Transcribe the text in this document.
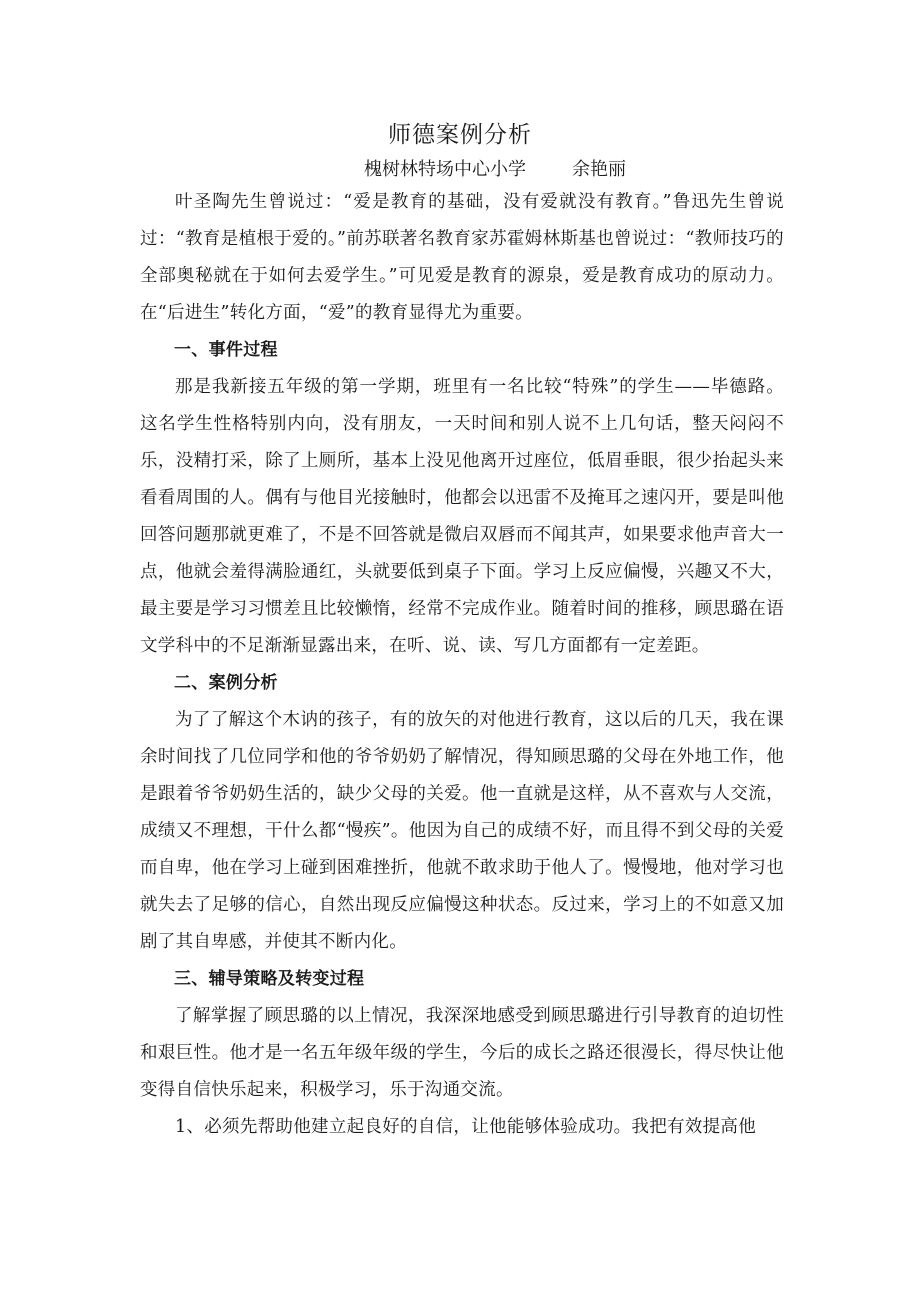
师德案例分析
槐树林特场中心小学	余艳丽

叶圣陶先生曾说过：“爱是教育的基础，没有爱就没有教育。”鲁迅先生曾说过：“教育是植根于爱的。”前苏联著名教育家苏霍姆林斯基也曾说过：“教师技巧的全部奥秘就在于如何去爱学生。”可见爱是教育的源泉，爱是教育成功的原动力。在“后进生”转化方面，“爱”的教育显得尤为重要。

一、事件过程

那是我新接五年级的第一学期，班里有一名比较“特殊”的学生——毕德路。 这名学生性格特别内向，没有朋友，一天时间和别人说不上几句话，整天闷闷不乐，没精打采，除了上厕所，基本上没见他离开过座位，低眉垂眼，很少抬起头来看看周围的人。偶有与他目光接触时，他都会以迅雷不及掩耳之速闪开，要是叫他回答问题那就更难了，不是不回答就是微启双唇而不闻其声，如果要求他声音大一点，他就会羞得满脸通红，头就要低到桌子下面。学习上反应偏慢，兴趣又不大，最主要是学习习惯差且比较懒惰，经常不完成作业。随着时间的推移，顾思璐在语文学科中的不足渐渐显露出来，在听、说、读、写几方面都有一定差距。

二、案例分析

为了了解这个木讷的孩子，有的放矢的对他进行教育，这以后的几天，我在课余时间找了几位同学和他的爷爷奶奶了解情况，得知顾思璐的父母在外地工作，他是跟着爷爷奶奶生活的，缺少父母的关爱。他一直就是这样，从不喜欢与人交流，成绩又不理想，干什么都“慢疾”。他因为自己的成绩不好，而且得不到父母的关爱而自卑，他在学习上碰到困难挫折，他就不敢求助于他人了。慢慢地，他对学习也就失去了足够的信心，自然出现反应偏慢这种状态。反过来，学习上的不如意又加剧了其自卑感，并使其不断内化。

三、辅导策略及转变过程

了解掌握了顾思璐的以上情况，我深深地感受到顾思璐进行引导教育的迫切性和艰巨性。他才是一名五年级年级的学生，今后的成长之路还很漫长，得尽快让他变得自信快乐起来，积极学习，乐于沟通交流。

1、必须先帮助他建立起良好的自信，让他能够体验成功。我把有效提高他
